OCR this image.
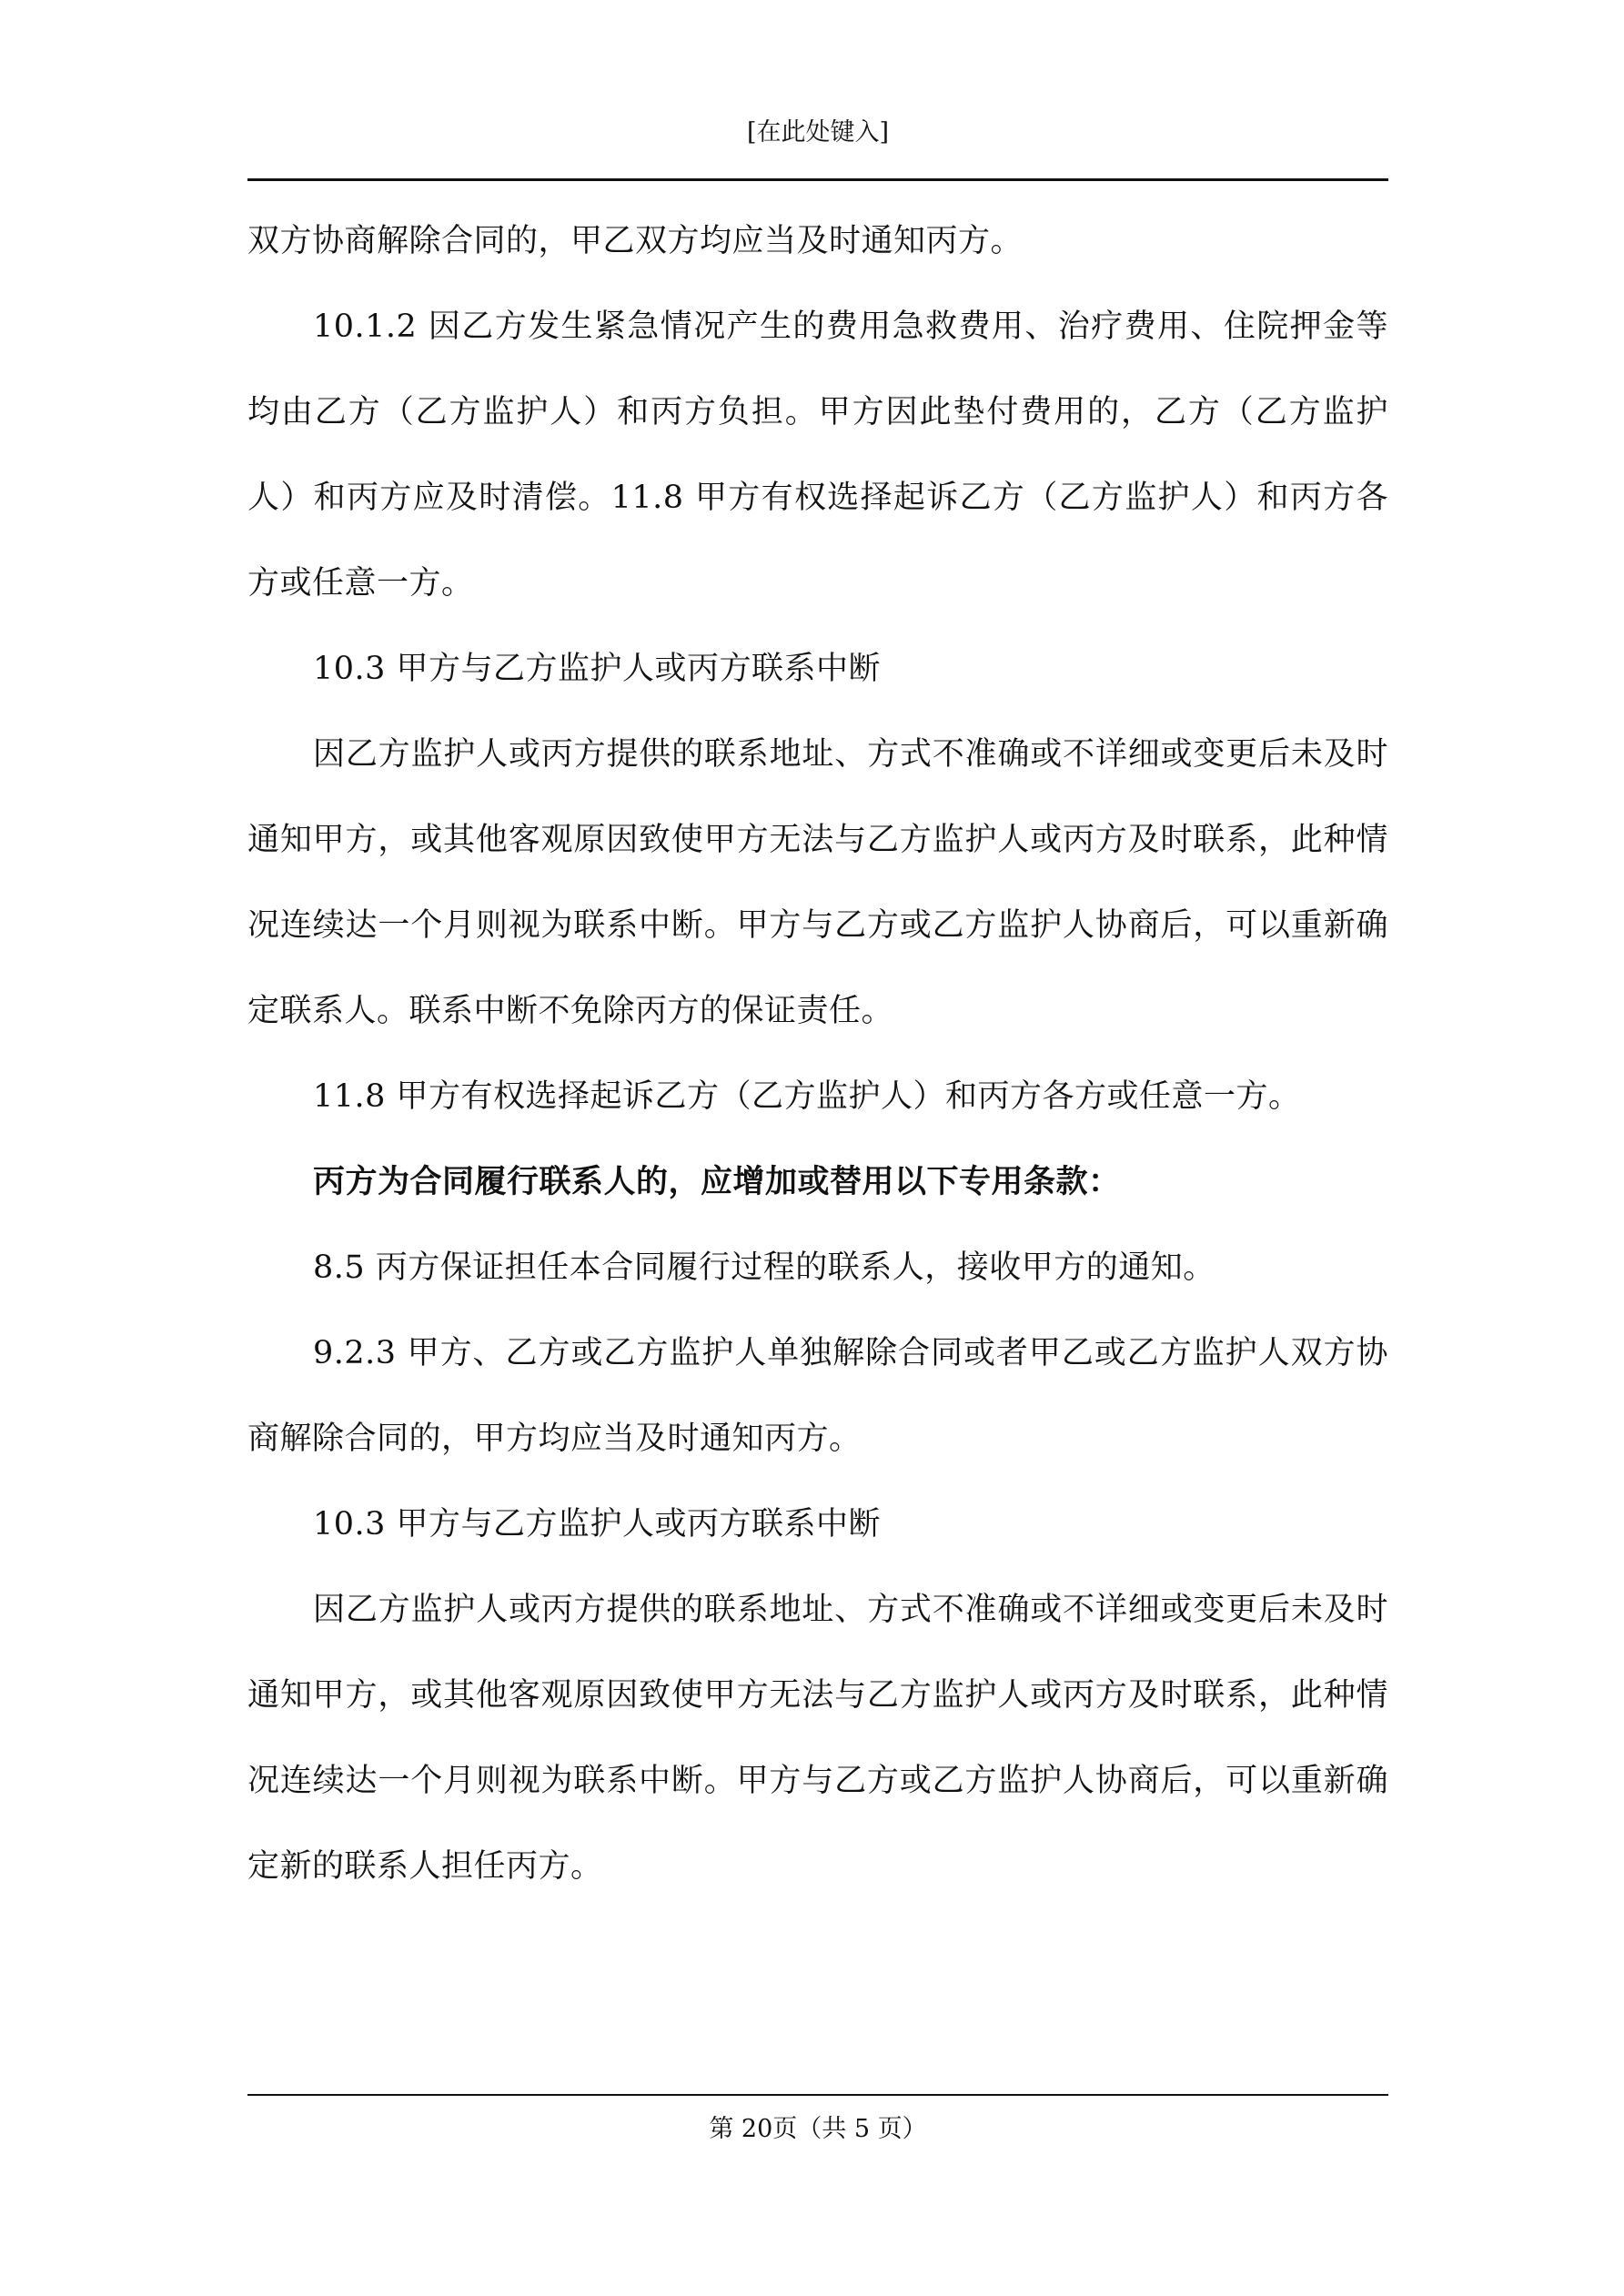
[在此处键入]

双方协商解除合同的，甲乙双方均应当及时通知丙方。

10.1.2 因乙方发生紧急情况产生的费用急救费用、治疗费用、住院押金等均由乙方（乙方监护人）和丙方负担。甲方因此垫付费用的，乙方（乙方监护人）和丙方应及时清偿。11.8 甲方有权选择起诉乙方（乙方监护人）和丙方各方或任意一方。

10.3 甲方与乙方监护人或丙方联系中断

因乙方监护人或丙方提供的联系地址、方式不准确或不详细或变更后未及时通知甲方，或其他客观原因致使甲方无法与乙方监护人或丙方及时联系，此种情况连续达一个月则视为联系中断。甲方与乙方或乙方监护人协商后，可以重新确定联系人。联系中断不免除丙方的保证责任。

11.8 甲方有权选择起诉乙方（乙方监护人）和丙方各方或任意一方。

丙方为合同履行联系人的，应增加或替用以下专用条款：

8.5 丙方保证担任本合同履行过程的联系人，接收甲方的通知。

9.2.3 甲方、乙方或乙方监护人单独解除合同或者甲乙或乙方监护人双方协商解除合同的，甲方均应当及时通知丙方。

10.3 甲方与乙方监护人或丙方联系中断

因乙方监护人或丙方提供的联系地址、方式不准确或不详细或变更后未及时通知甲方，或其他客观原因致使甲方无法与乙方监护人或丙方及时联系，此种情况连续达一个月则视为联系中断。甲方与乙方或乙方监护人协商后，可以重新确定新的联系人担任丙方。

第 20页（共 5 页）
